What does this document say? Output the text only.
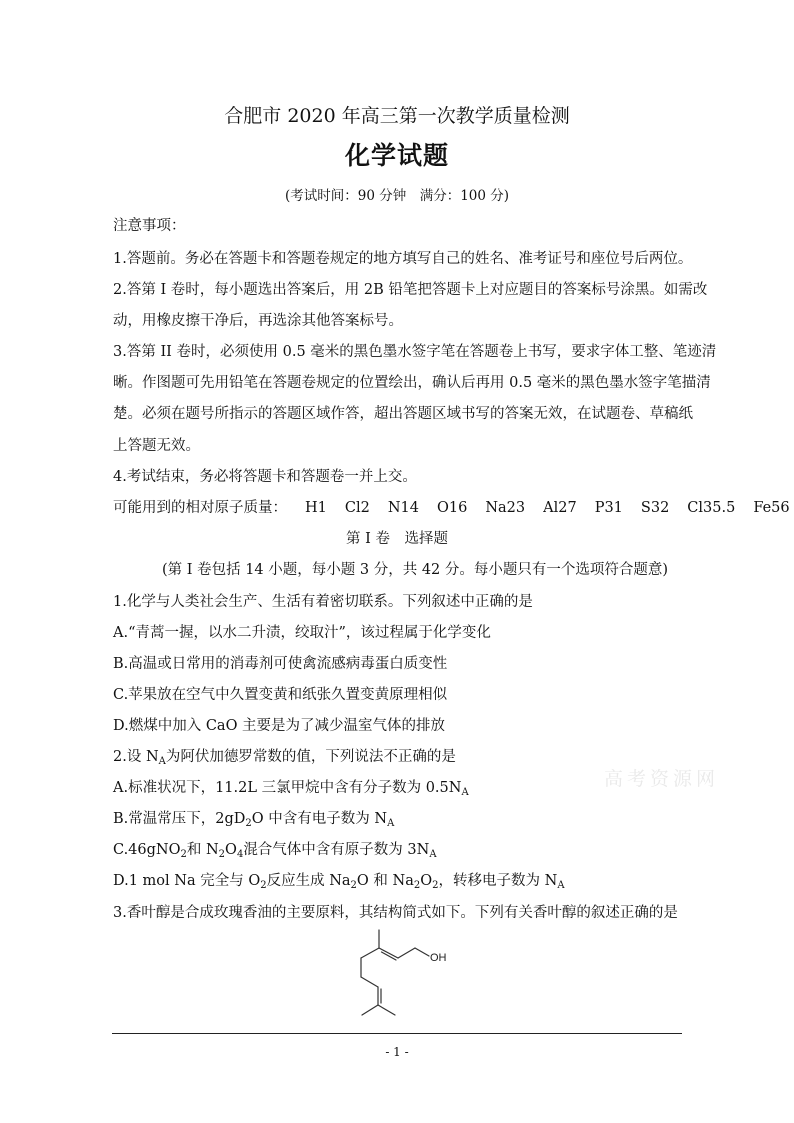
合肥市 2020 年高三第一次教学质量检测
化学试题
(考试时间：90 分钟　满分：100 分)
注意事项：
1.答题前。务必在答题卡和答题卷规定的地方填写自己的姓名、准考证号和座位号后两位。
2.答第 I 卷时，每小题选出答案后，用 2B 铅笔把答题卡上对应题目的答案标号涂黑。如需改
动，用橡皮擦干净后，再选涂其他答案标号。
3.答第 II 卷时，必须使用 0.5 毫米的黑色墨水签字笔在答题卷上书写，要求字体工整、笔迹清
晰。作图题可先用铅笔在答题卷规定的位置绘出，确认后再用 0.5 毫米的黑色墨水签字笔描清
楚。必须在题号所指示的答题区域作答，超出答题区域书写的答案无效，在试题卷、草稿纸
上答题无效。
4.考试结束，务必将答题卡和答题卷一并上交。
可能用到的相对原子质量： H1 Cl2 N14 O16 Na23 Al27 P31 S32 Cl35.5 Fe56
第 I 卷　选择题
(第 I 卷包括 14 小题，每小题 3 分，共 42 分。每小题只有一个选项符合题意)
1.化学与人类社会生产、生活有着密切联系。下列叙述中正确的是
A.“青蒿一握，以水二升渍，绞取汁”，该过程属于化学变化
B.高温或日常用的消毒剂可使禽流感病毒蛋白质变性
C.苹果放在空气中久置变黄和纸张久置变黄原理相似
D.燃煤中加入 CaO 主要是为了减少温室气体的排放
2.设 $N_A$为阿伏加德罗常数的值，下列说法不正确的是
A.标准状况下，11.2L 三氯甲烷中含有分子数为 $0.5N_A$
B.常温常压下，$2gD_2O$ 中含有电子数为 $N_A$
C.46gNO$_2$和 $N_2O_4$混合气体中含有原子数为 $3N_A$
D.1 mol Na 完全与 $O_2$反应生成 $Na_2O$ 和 $Na_2O_2$，转移电子数为 $N_A$
3.香叶醇是合成玫瑰香油的主要原料，其结构简式如下。下列有关香叶醇的叙述正确的是
OH
高考资源网
- 1 -
